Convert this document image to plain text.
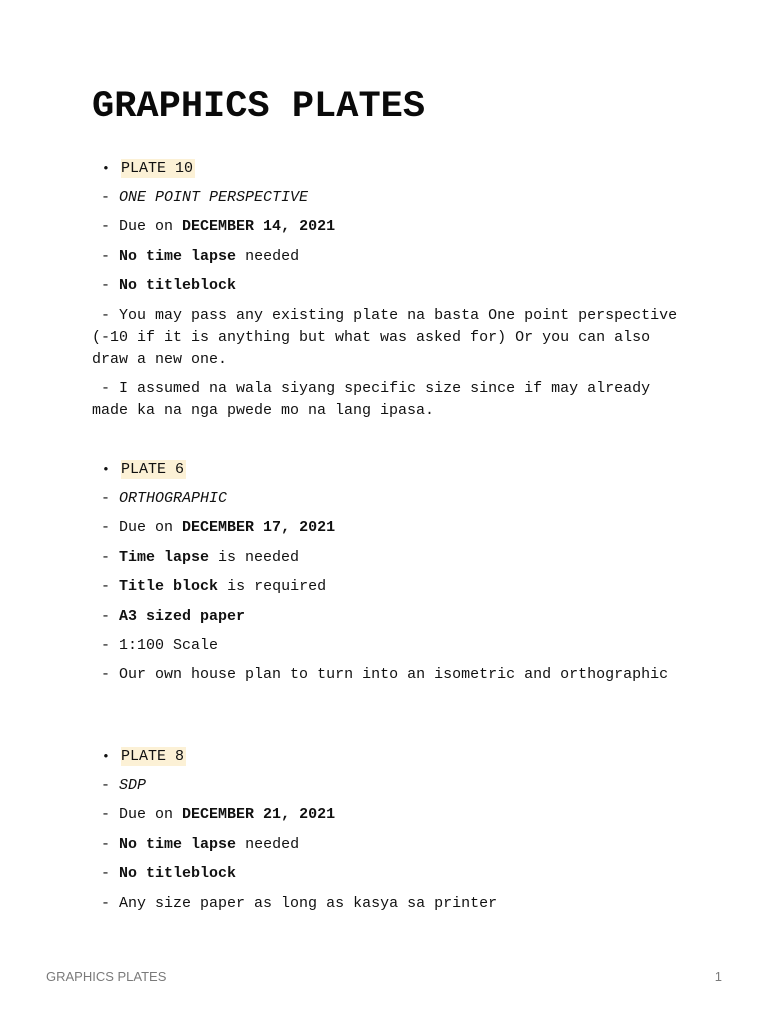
GRAPHICS PLATES
• PLATE 10
- ONE POINT PERSPECTIVE
- Due on DECEMBER 14, 2021
- No time lapse needed
- No titleblock
- You may pass any existing plate na basta One point perspective (-10 if it is anything but what was asked for) Or you can also draw a new one.
- I assumed na wala siyang specific size since if may already made ka na nga pwede mo na lang ipasa.
• PLATE 6
- ORTHOGRAPHIC
- Due on DECEMBER 17, 2021
- Time lapse is needed
- Title block is required
- A3 sized paper
- 1:100 Scale
- Our own house plan to turn into an isometric and orthographic
• PLATE 8
- SDP
- Due on DECEMBER 21, 2021
- No time lapse needed
- No titleblock
- Any size paper as long as kasya sa printer
GRAPHICS PLATES	1
